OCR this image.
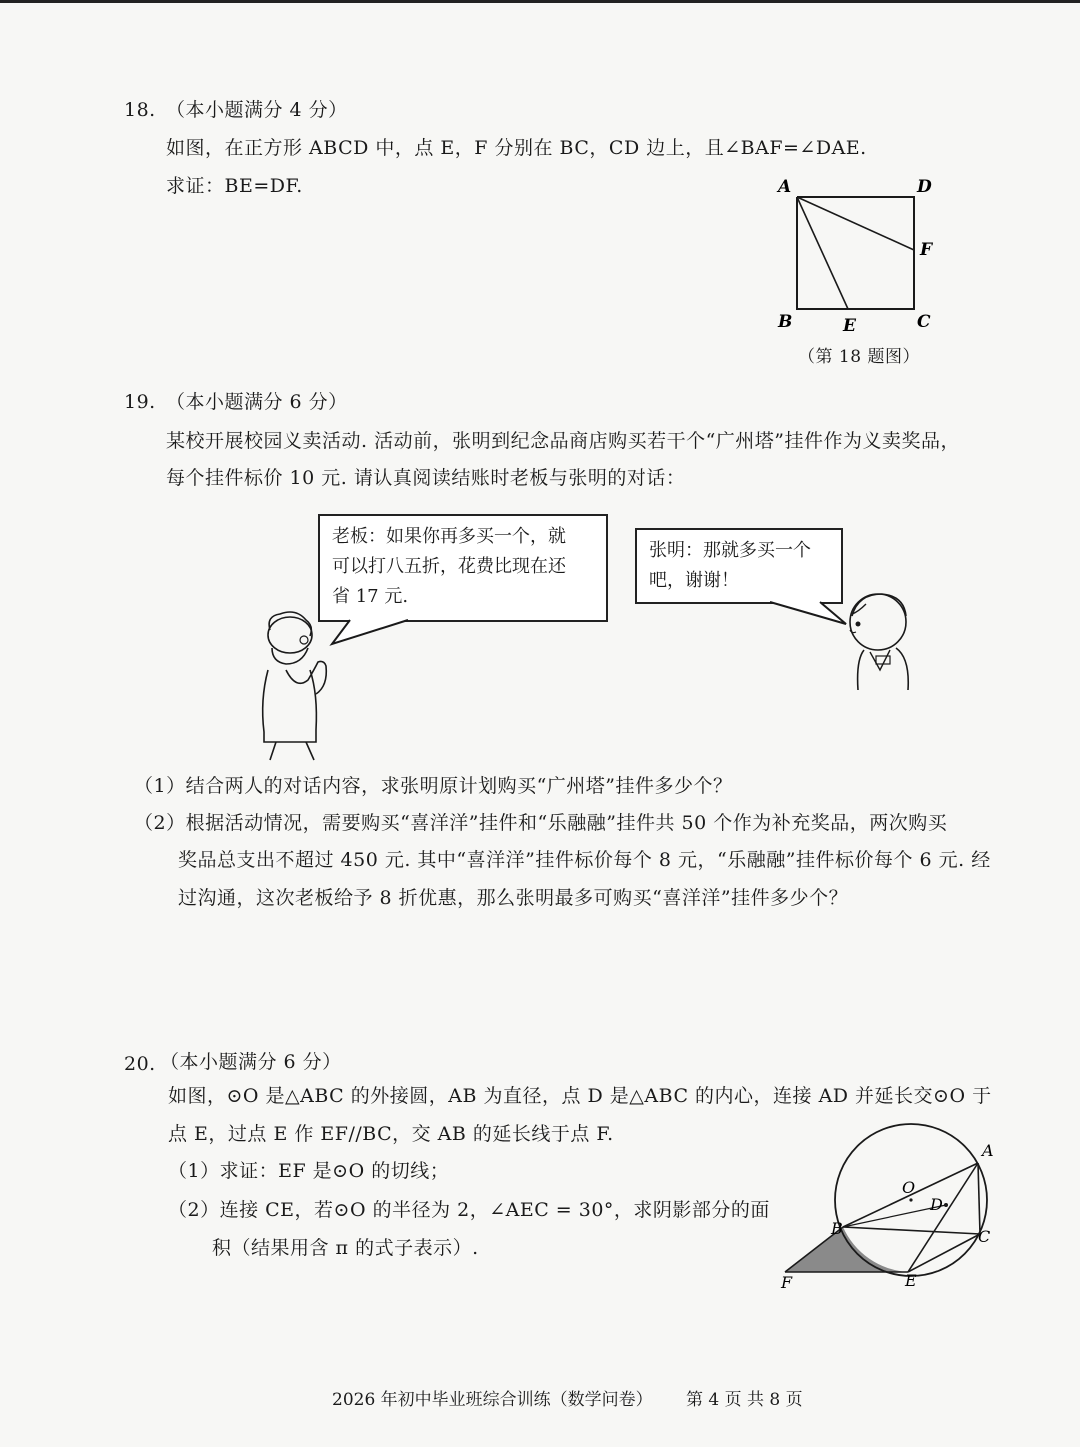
18. （本小题满分 4 分）
如图，在正方形 ABCD 中，点 E，F 分别在 BC，CD 边上，且∠BAF=∠DAE.
求证：BE=DF.	A	D
F
B	E	C
（第 18 题图）
19. （本小题满分 6 分）
某校开展校园义卖活动. 活动前，张明到纪念品商店购买若干个“广州塔”挂件作为义卖奖品，
每个挂件标价 10 元. 请认真阅读结账时老板与张明的对话：
老板：如果你再多买一个，就
可以打八五折，花费比现在还
省 17 元.
张明：那就多买一个
吧，谢谢！
（1）结合两人的对话内容，求张明原计划购买“广州塔”挂件多少个？
（2）根据活动情况，需要购买“喜洋洋”挂件和“乐融融”挂件共 50 个作为补充奖品，两次购买
奖品总支出不超过 450 元. 其中“喜洋洋”挂件标价每个 8 元，“乐融融”挂件标价每个 6 元. 经
过沟通，这次老板给予 8 折优惠，那么张明最多可购买“喜洋洋”挂件多少个？
20. （本小题满分 6 分）
如图，⊙O 是△ABC 的外接圆，AB 为直径，点 D 是△ABC 的内心，连接 AD 并延长交⊙O 于
点 E，过点 E 作 EF//BC，交 AB 的延长线于点 F.
（1）求证：EF 是⊙O 的切线；
（2）连接 CE，若⊙O 的半径为 2，∠AEC = 30°，求阴影部分的面
积（结果用含 π 的式子表示）.
A
O
D
B	C
F	E
2026 年初中毕业班综合训练（数学问卷） 第 4 页 共 8 页
